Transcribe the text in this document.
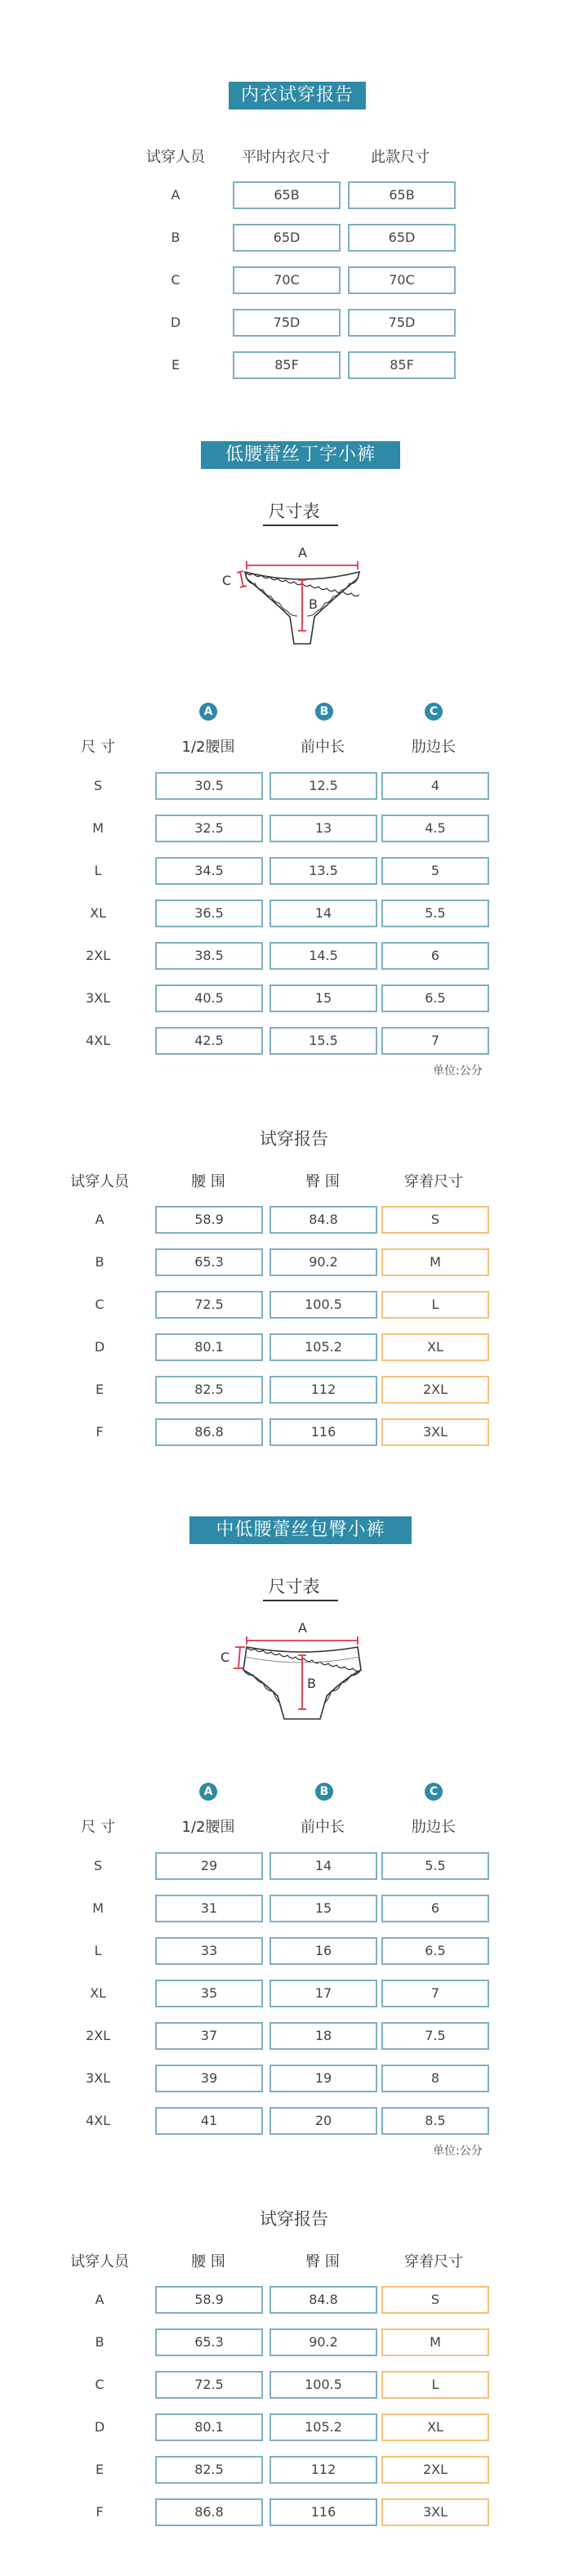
内衣试穿报告
试穿人员	平时内衣尺寸	此款尺寸
A	65B	65B
B	65D	65D
C	70C	70C
D	75D	75D
E	85F	85F
低腰蕾丝丁字小裤
尺寸表
A
B
C
A	B	C
尺 寸	1/2腰围	前中长	肋边长
S	30.5	12.5	4
M	32.5	13	4.5
L	34.5	13.5	5
XL	36.5	14	5.5
2XL	38.5	14.5	6
3XL	40.5	15	6.5
4XL	42.5	15.5	7
单位:公分
试穿报告
试穿人员	腰 围	臀 围	穿着尺寸
A	58.9	84.8	S
B	65.3	90.2	M
C	72.5	100.5	L
D	80.1	105.2	XL
E	82.5	112	2XL
F	86.8	116	3XL
中低腰蕾丝包臀小裤
尺寸表
A
B
C
A	B	C
尺 寸	1/2腰围	前中长	肋边长
S	29	14	5.5
M	31	15	6
L	33	16	6.5
XL	35	17	7
2XL	37	18	7.5
3XL	39	19	8
4XL	41	20	8.5
单位:公分
试穿报告
试穿人员	腰 围	臀 围	穿着尺寸
A	58.9	84.8	S
B	65.3	90.2	M
C	72.5	100.5	L
D	80.1	105.2	XL
E	82.5	112	2XL
F	86.8	116	3XL
